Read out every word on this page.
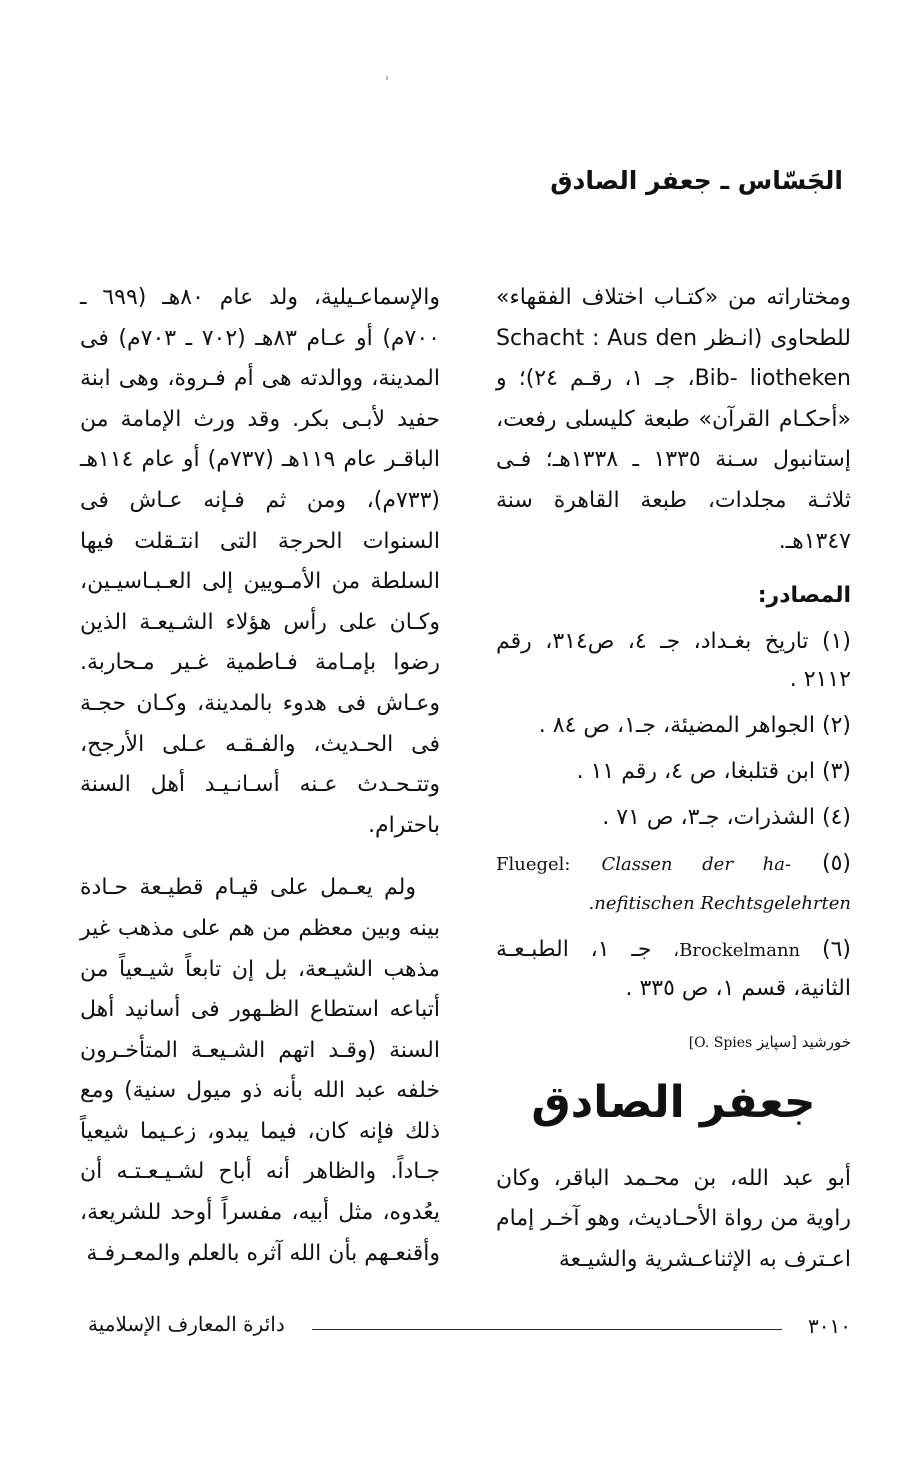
الجَسّاس ـ جعفر الصادق

ومختاراته من «كتـاب اختلاف الفقهاء» للطحاوى (انـظر Schacht : Aus den Bib- liotheken، جـ ١، رقـم ٢٤)؛ و «أحكـام القرآن» طبعة كليسلى رفعت، إستانبول سـنة ١٣٣٥ ـ ١٣٣٨هـ؛ فـى ثلاثـة مجلدات، طبعة القاهرة سنة ١٣٤٧هـ.

المصادر:

(١) تاريخ بغـداد، جـ ٤، ص٣١٤، رقم ٢١١٢ .

(٢) الجواهر المضيئة، جـ١، ص ٨٤ .

(٣) ابن قتلبغا، ص ٤، رقم ١١ .

(٤) الشذرات، جـ٣، ص ٧١ .

(٥) Fluegel: Classen der ha- nefitischen Rechtsgelehrten.

(٦) Brockelmann، جـ ١، الطبـعـة الثانية، قسم ١، ص ٣٣٥ .

خورشيد [سپايز O. Spies]

جعفر الصادق

أبو عبد الله، بن محـمد الباقر، وكان راوية من رواة الأحـاديث، وهو آخـر إمام اعـترف به الإثناعـشرية والشيـعة

والإسماعـيلية، ولد عام ٨٠هـ (٦٩٩ ـ ٧٠٠م) أو عـام ٨٣هـ (٧٠٢ ـ ٧٠٣م) فى المدينة، ووالدته هى أم فـروة، وهى ابنة حفيد لأبـى بكر. وقد ورث الإمامة من الباقـر عام ١١٩هـ (٧٣٧م) أو عام ١١٤هـ (٧٣٣م)، ومن ثم فـإنه عـاش فى السنوات الحرجة التى انتـقلت فيها السلطة من الأمـويين إلى العـبـاسيـين، وكـان على رأس هؤلاء الشـيعـة الذين رضوا بإمـامة فـاطمية غـير مـحاربة. وعـاش فى هدوء بالمدينة، وكـان حجـة فى الحـديث، والفـقـه عـلى الأرجح، وتتـحـدث عـنه أسـانـيـد أهل السنة باحترام.

ولم يعـمل على قيـام قطيـعة حـادة بينه وبين معظم من هم على مذهب غير مذهب الشيـعة، بل إن تابعاً شيـعياً من أتباعه استطاع الظـهور فى أسانيد أهل السنة (وقـد اتهم الشـيعـة المتأخـرون خلفه عبد الله بأنه ذو ميول سنية) ومع ذلك فإنه كان، فيما يبدو، زعـيما شيعياً جـاداً. والظاهر أنه أباح لشـيـعـتـه أن يعُدوه، مثل أبيه، مفسراً أوحد للشريعة، وأقنعـهم بأن الله آثره بالعلم والمعـرفـة

٣٠١٠
دائرة المعارف الإسلامية
